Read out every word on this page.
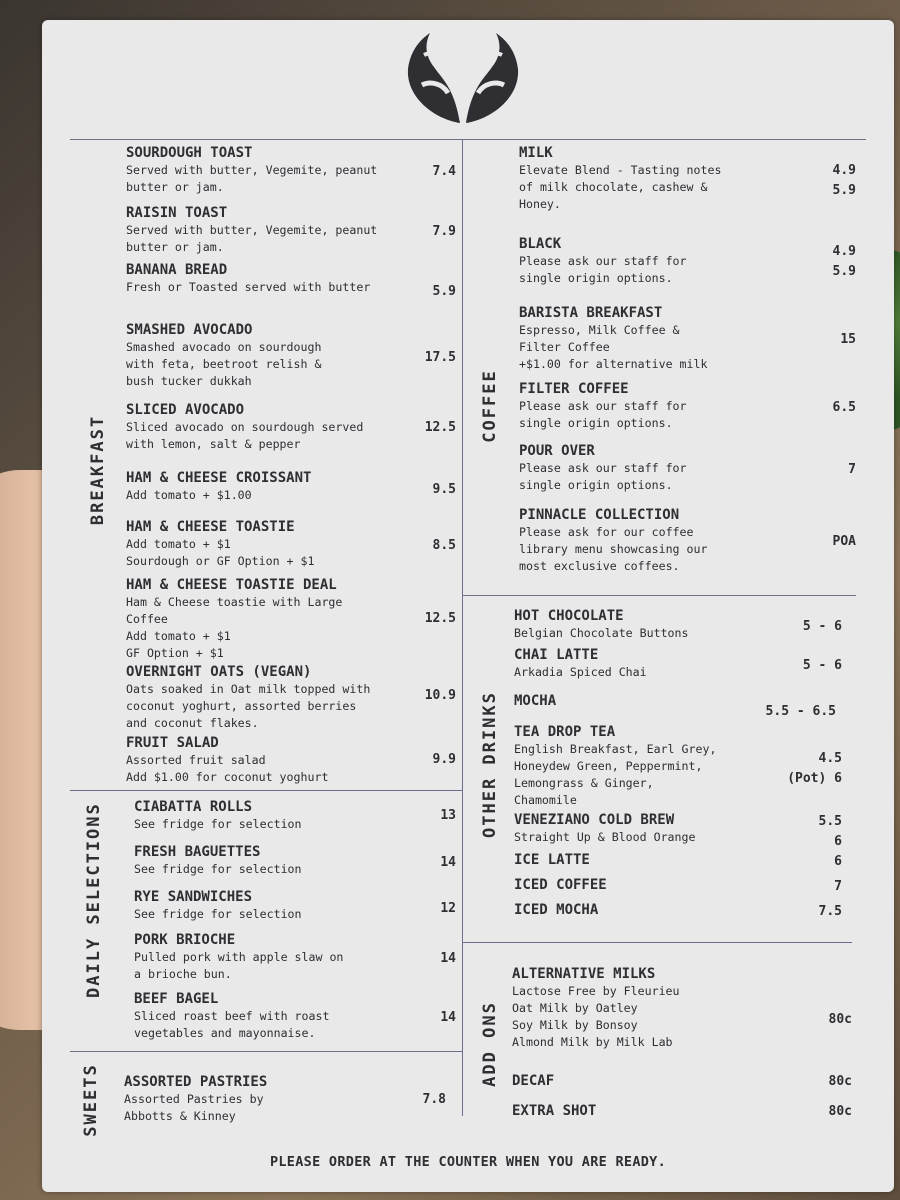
BREAKFAST
DAILY SELECTIONS
SWEETS
COFFEE
OTHER DRINKS
ADD ONS
SOURDOUGH TOAST
Served with butter, Vegemite, peanut
butter or jam.
7.4
RAISIN TOAST
Served with butter, Vegemite, peanut
butter or jam.
7.9
BANANA BREAD
Fresh or Toasted served with butter	5.9
SMASHED AVOCADO
Smashed avocado on sourdough
with feta, beetroot relish &
bush tucker dukkah
17.5
SLICED AVOCADO
Sliced avocado on sourdough served
with lemon, salt & pepper
12.5
HAM & CHEESE CROISSANT
Add tomato + $1.00	9.5
HAM & CHEESE TOASTIE
Add tomato + $1
Sourdough or GF Option + $1
8.5
HAM & CHEESE TOASTIE DEAL
Ham & Cheese toastie with Large
Coffee
Add tomato + $1
GF Option + $1
12.5
OVERNIGHT OATS (VEGAN)
Oats soaked in Oat milk topped with
coconut yoghurt, assorted berries
and coconut flakes.
10.9
FRUIT SALAD
Assorted fruit salad
Add $1.00 for coconut yoghurt
9.9
CIABATTA ROLLS
See fridge for selection
13
FRESH BAGUETTES
See fridge for selection	14
RYE SANDWICHES
See fridge for selection	12
PORK BRIOCHE
Pulled pork with apple slaw on
a brioche bun.
14
BEEF BAGEL
Sliced roast beef with roast
vegetables and mayonnaise.
14
ASSORTED PASTRIES
Assorted Pastries by
Abbotts & Kinney
7.8
MILK
Elevate Blend - Tasting notes
of milk chocolate, cashew &
Honey.
4.9
5.9
BLACK
Please ask our staff for
single origin options.
4.9
5.9
BARISTA BREAKFAST
Espresso, Milk Coffee &
Filter Coffee
+$1.00 for alternative milk
15
FILTER COFFEE
Please ask our staff for
single origin options.
6.5
POUR OVER
Please ask our staff for
single origin options.
7
PINNACLE COLLECTION
Please ask for our coffee
library menu showcasing our
most exclusive coffees.
POA
HOT CHOCOLATE
Belgian Chocolate Buttons	5 - 6
CHAI LATTE
Arkadia Spiced Chai	5 - 6
MOCHA
5.5 - 6.5
TEA DROP TEA
English Breakfast, Earl Grey,
Honeydew Green, Peppermint,
Lemongrass & Ginger,
Chamomile
4.5
(Pot) 6
VENEZIANO COLD BREW
Straight Up & Blood Orange
5.5
6
ICE LATTE	6
ICED COFFEE	7
ICED MOCHA	7.5
ALTERNATIVE MILKS
Lactose Free by Fleurieu
Oat Milk by Oatley
Soy Milk by Bonsoy
Almond Milk by Milk Lab
80c
DECAF	80c
EXTRA SHOT	80c
PLEASE ORDER AT THE COUNTER WHEN YOU ARE READY.
